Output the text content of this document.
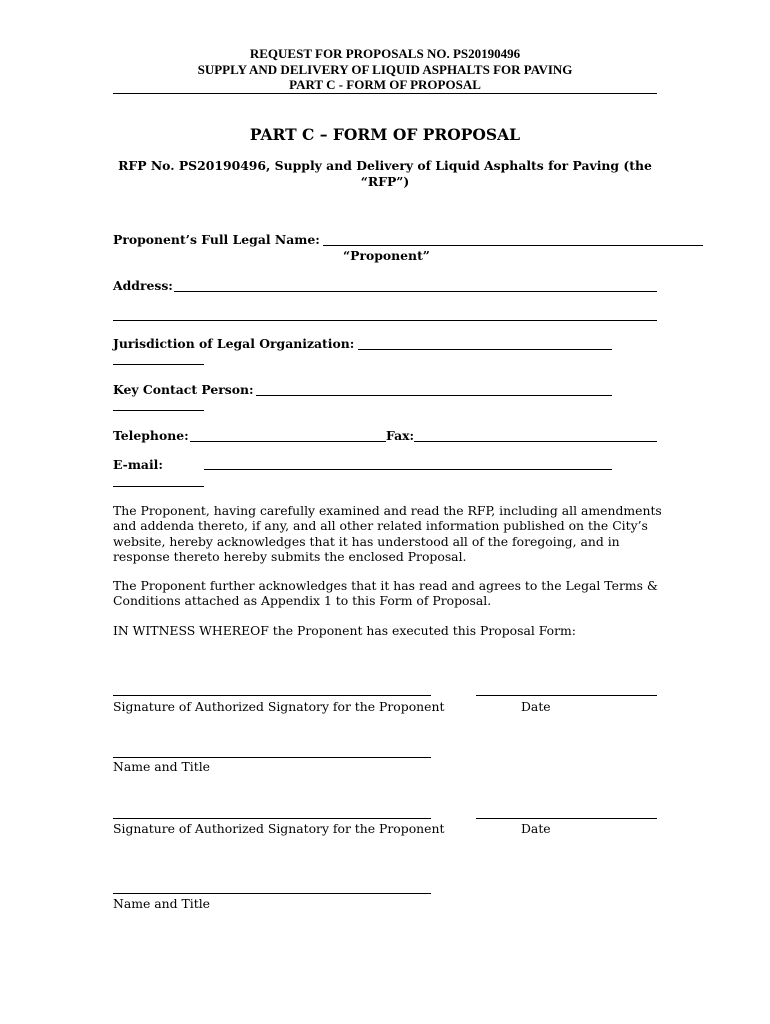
REQUEST FOR PROPOSALS NO. PS20190496
SUPPLY AND DELIVERY OF LIQUID ASPHALTS FOR PAVING
PART C - FORM OF PROPOSAL
PART C – FORM OF PROPOSAL
RFP No. PS20190496, Supply and Delivery of Liquid Asphalts for Paving (the
“RFP”)
Proponent’s Full Legal Name:
“Proponent”
Address:
Jurisdiction of Legal Organization:
Key Contact Person:
Telephone:	Fax:
E-mail:
The Proponent, having carefully examined and read the RFP, including all amendments and addenda thereto, if any, and all other related information published on the City’s website, hereby acknowledges that it has understood all of the foregoing, and in response thereto hereby submits the enclosed Proposal.
The Proponent further acknowledges that it has read and agrees to the Legal Terms & Conditions attached as Appendix 1 to this Form of Proposal.
IN WITNESS WHEREOF the Proponent has executed this Proposal Form:
Signature of Authorized Signatory for the Proponent	Date
Name and Title
Signature of Authorized Signatory for the Proponent	Date
Name and Title
